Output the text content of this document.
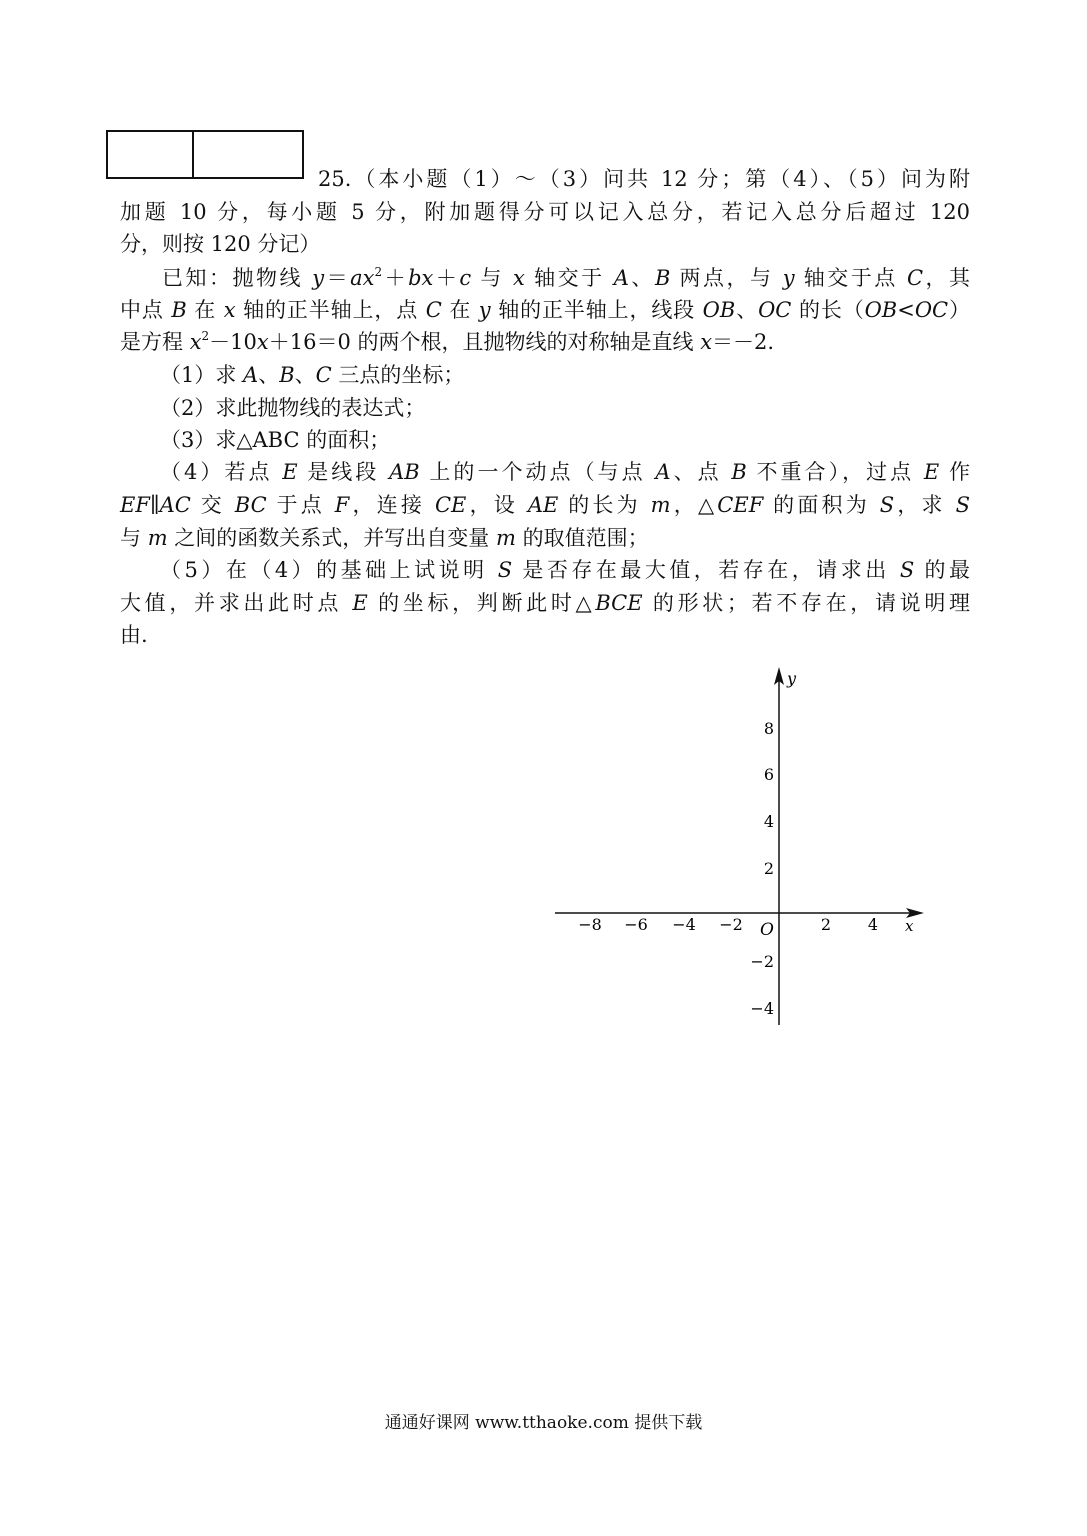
25.（本小题（1）～（3）问共 12 分；第（4）、（5）问为附
加题 10 分，每小题 5 分，附加题得分可以记入总分，若记入总分后超过 120
分，则按 120 分记）
已知：抛物线 $y=ax^2+bx+c$ 与 x 轴交于 A、B 两点，与 y 轴交于点 C，其
中点 B 在 x 轴的正半轴上，点 C 在 y 轴的正半轴上，线段 OB、OC 的长（OB<OC）
是方程 $x^2-10x+16=0$ 的两个根，且抛物线的对称轴是直线 x＝－2.
（1）求 A、B、C 三点的坐标；
（2）求此抛物线的表达式；
（3）求△ABC 的面积；
（4）若点 E 是线段 AB 上的一个动点（与点 A、点 B 不重合），过点 E 作
EF∥AC 交 BC 于点 F，连接 CE，设 AE 的长为 m，△CEF 的面积为 S，求 S
与 m 之间的函数关系式，并写出自变量 m 的取值范围；
（5）在（4）的基础上试说明 S 是否存在最大值，若存在，请求出 S 的最
大值，并求出此时点 E 的坐标，判断此时△BCE 的形状；若不存在，请说明理
由.
x
y
O
−8 −6 −4 −2	2 4
8
6
4
2
−2
−4
通通好课网 www.tthaoke.com 提供下载
